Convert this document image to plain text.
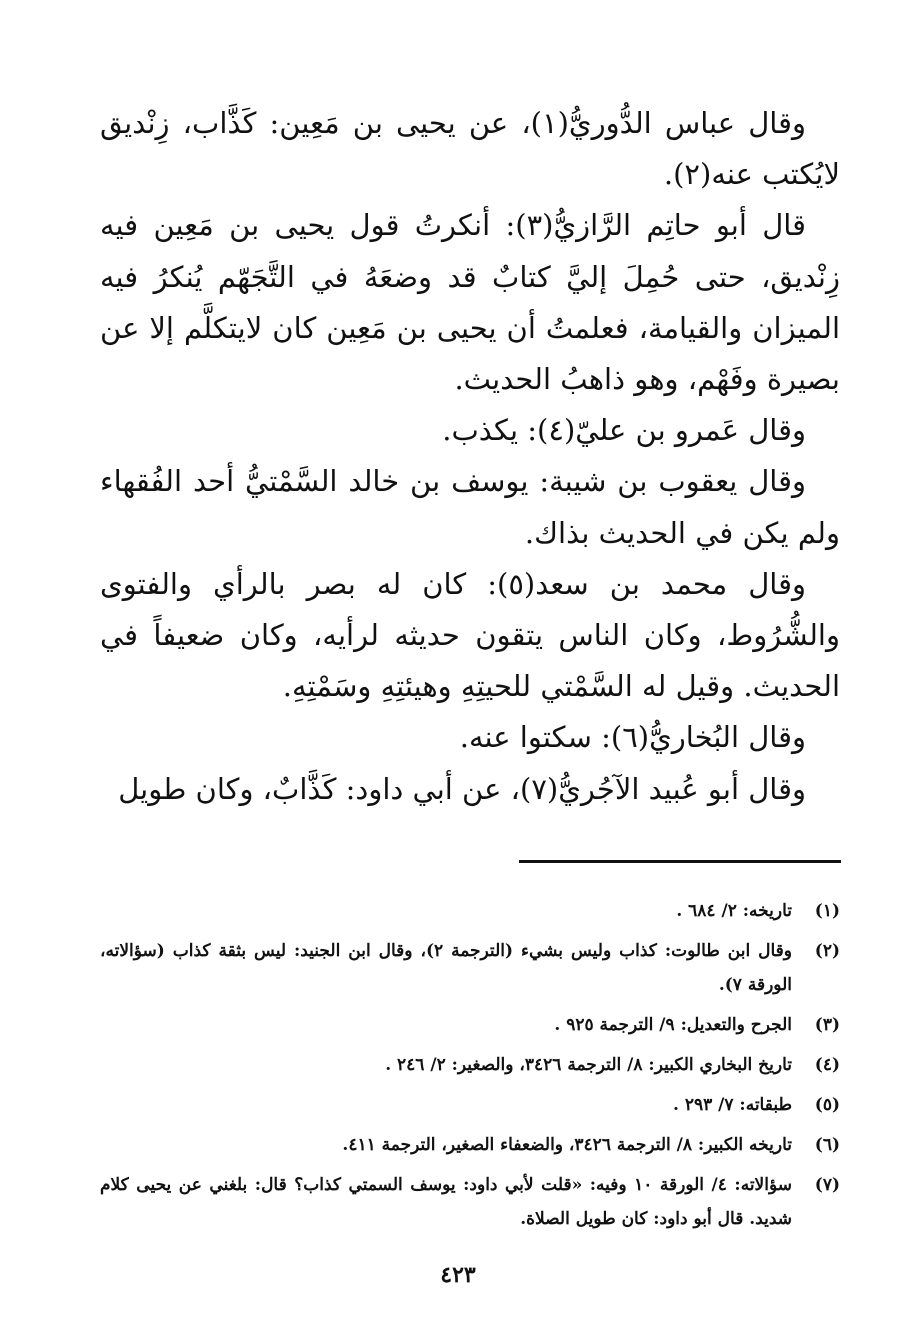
وقال عباس الدُّوريُّ(١)، عن يحيى بن مَعِين: كَذَّاب، زِنْديق لايُكتب عنه(٢).

قال أبو حاتِم الرَّازيُّ(٣): أنكرتُ قول يحيى بن مَعِين فيه زِنْديق، حتى حُمِلَ إليَّ كتابٌ قد وضعَهُ في التَّجَهّم يُنكرُ فيه الميزان والقيامة، فعلمتُ أن يحيى بن مَعِين كان لايتكلَّم إلا عن بصيرة وفَهْم، وهو ذاهبُ الحديث.

وقال عَمرو بن عليّ(٤): يكذب.

وقال يعقوب بن شيبة: يوسف بن خالد السَّمْتيُّ أحد الفُقهاء ولم يكن في الحديث بذاك.

وقال محمد بن سعد(٥): كان له بصر بالرأي والفتوى والشُّرُوط، وكان الناس يتقون حديثه لرأيه، وكان ضعيفاً في الحديث. وقيل له السَّمْتي للحيتِهِ وهيئتِهِ وسَمْتِهِ.

وقال البُخاريُّ(٦): سكتوا عنه.

وقال أبو عُبيد الآجُريُّ(٧)، عن أبي داود: كَذَّابٌ، وكان طويل

(١)
تاريخه: ٢/ ٦٨٤ .
(٢)
وقال ابن طالوت: كذاب وليس بشيء (الترجمة ٢)، وقال ابن الجنيد: ليس بثقة كذاب (سؤالاته، الورقة ٧).
(٣)
الجرح والتعديل: ٩/ الترجمة ٩٢٥ .
(٤)
تاريخ البخاري الكبير: ٨/ الترجمة ٣٤٢٦، والصغير: ٢/ ٢٤٦ .
(٥)
طبقاته: ٧/ ٢٩٣ .
(٦)
تاريخه الكبير: ٨/ الترجمة ٣٤٢٦، والضعفاء الصغير، الترجمة ٤١١.
(٧)
سؤالاته: ٤/ الورقة ١٠ وفيه: «قلت لأبي داود: يوسف السمتي كذاب؟ قال: بلغني عن يحيى كلام شديد. قال أبو داود: كان طويل الصلاة.
٤٢٣
